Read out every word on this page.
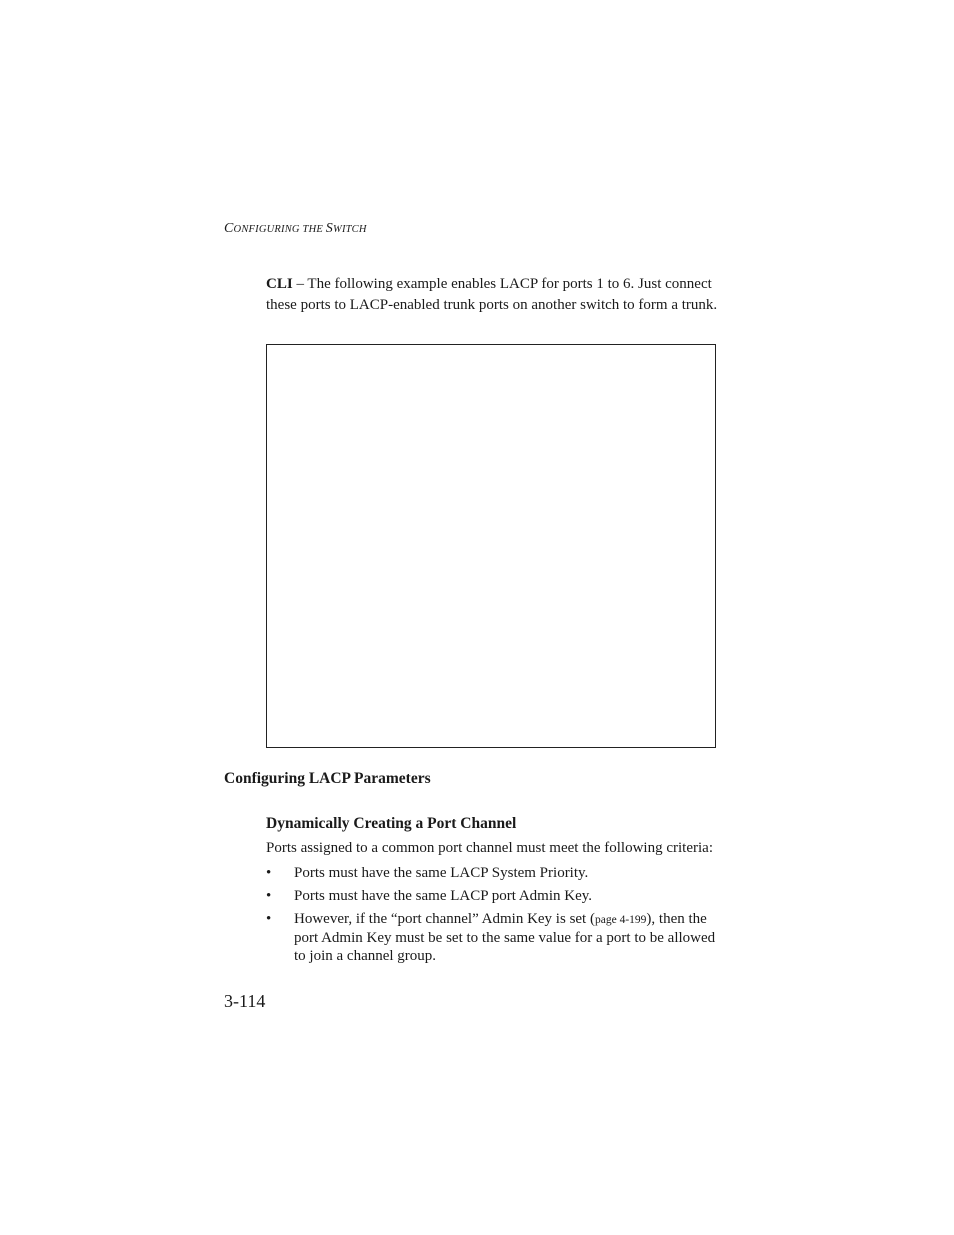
CONFIGURING THE SWITCH
CLI – The following example enables LACP for ports 1 to 6. Just connect these ports to LACP-enabled trunk ports on another switch to form a trunk.
Configuring LACP Parameters
Dynamically Creating a Port Channel
Ports assigned to a common port channel must meet the following criteria:
• Ports must have the same LACP System Priority.
• Ports must have the same LACP port Admin Key.
• However, if the “port channel” Admin Key is set (page 4-199), then the port Admin Key must be set to the same value for a port to be allowed to join a channel group.
3-114
